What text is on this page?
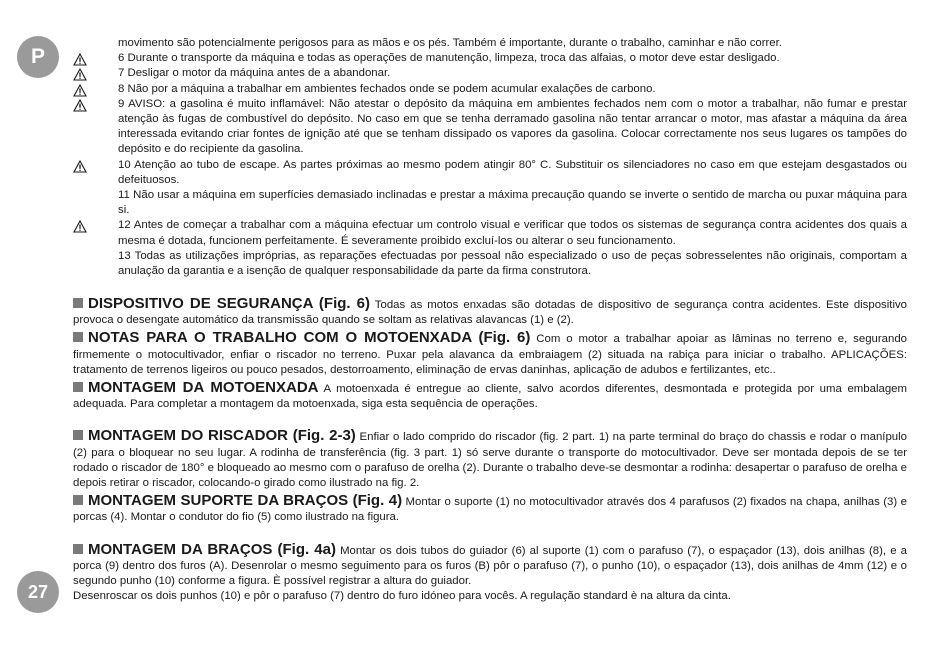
P
movimento são potencialmente perigosos para as mãos e os pés. Também é importante, durante o trabalho, caminhar e não correr.
6 Durante o transporte da máquina e todas as operações de manutenção, limpeza, troca das alfaias, o motor deve estar desligado.
7 Desligar o motor da máquina antes de a abandonar.
8 Não por a máquina a trabalhar em ambientes fechados onde se podem acumular exalações de carbono.
9 AVISO: a gasolina é muito inflamável: Não atestar o depósito da máquina em ambientes fechados nem com o motor a trabalhar, não fumar e prestar atenção às fugas de combustível do depósito. No caso em que se tenha derramado gasolina não tentar arrancar o motor, mas afastar a máquina da área interessada evitando criar fontes de ignição até que se tenham dissipado os vapores da gasolina. Colocar correctamente nos seus lugares os tampões do depósito e do recipiente da gasolina.
10 Atenção ao tubo de escape. As partes próximas ao mesmo podem atingir 80° C. Substituir os silenciadores no caso em que estejam desgastados ou defeituosos.
11 Não usar a máquina em superfícies demasiado inclinadas e prestar a máxima precaução quando se inverte o sentido de marcha ou puxar máquina para si.
12 Antes de começar a trabalhar com a máquina efectuar um controlo visual e verificar que todos os sistemas de segurança contra acidentes dos quais a mesma é dotada, funcionem perfeitamente. É severamente proibido excluí-los ou alterar o seu funcionamento.
13 Todas as utilizações impróprias, as reparações efectuadas por pessoal não especializado o uso de peças sobresselentes não originais, comportam a anulação da garantia e a isenção de qualquer responsabilidade da parte da firma construtora.

DISPOSITIVO DE SEGURANÇA (Fig. 6) Todas as motos enxadas são dotadas de dispositivo de segurança contra acidentes. Este dispositivo provoca o desengate automático da transmissão quando se soltam as relativas alavancas (1) e (2).

NOTAS PARA O TRABALHO COM O MOTOENXADA (Fig. 6) Com o motor a trabalhar apoiar as lâminas no terreno e, segurando firmemente o motocultivador, enfiar o riscador no terreno. Puxar pela alavanca da embraiagem (2) situada na rabiça para iniciar o trabalho. APLICAÇÕES: tratamento de terrenos ligeiros ou pouco pesados, destorroamento, eliminação de ervas daninhas, aplicação de adubos e fertilizantes, etc..

MONTAGEM DA MOTOENXADA A motoenxada é entregue ao cliente, salvo acordos diferentes, desmontada e protegida por uma embalagem adequada. Para completar a montagem da motoenxada, siga esta sequência de operações.

MONTAGEM DO RISCADOR (Fig. 2-3) Enfiar o lado comprido do riscador (fig. 2 part. 1) na parte terminal do braço do chassis e rodar o manípulo (2) para o bloquear no seu lugar. A rodinha de transferência (fig. 3 part. 1) só serve durante o transporte do motocultivador. Deve ser montada depois de se ter rodado o riscador de 180° e bloqueado ao mesmo com o parafuso de orelha (2). Durante o trabalho deve-se desmontar a rodinha: desapertar o parafuso de orelha e depois retirar o riscador, colocando-o girado como ilustrado na fig. 2.

MONTAGEM SUPORTE DA BRAÇOS (Fig. 4) Montar o suporte (1) no motocultivador através dos 4 parafusos (2) fixados na chapa, anilhas (3) e porcas (4). Montar o condutor do fio (5) como ilustrado na figura.

MONTAGEM DA BRAÇOS (Fig. 4a) Montar os dois tubos do guiador (6) al suporte (1) com o parafuso (7), o espaçador (13), dois anilhas (8), e a porca (9) dentro dos furos (A). Desenrolar o mesmo seguimento para os furos (B) pôr o parafuso (7), o punho (10), o espaçador (13), dois anilhas de 4mm (12) e o segundo punho (10) conforme a figura. È possível registrar a altura do guiador.

Desenroscar os dois punhos (10) e pôr o parafuso (7) dentro do furo idóneo para vocês. A regulação standard è na altura da cinta.

27
